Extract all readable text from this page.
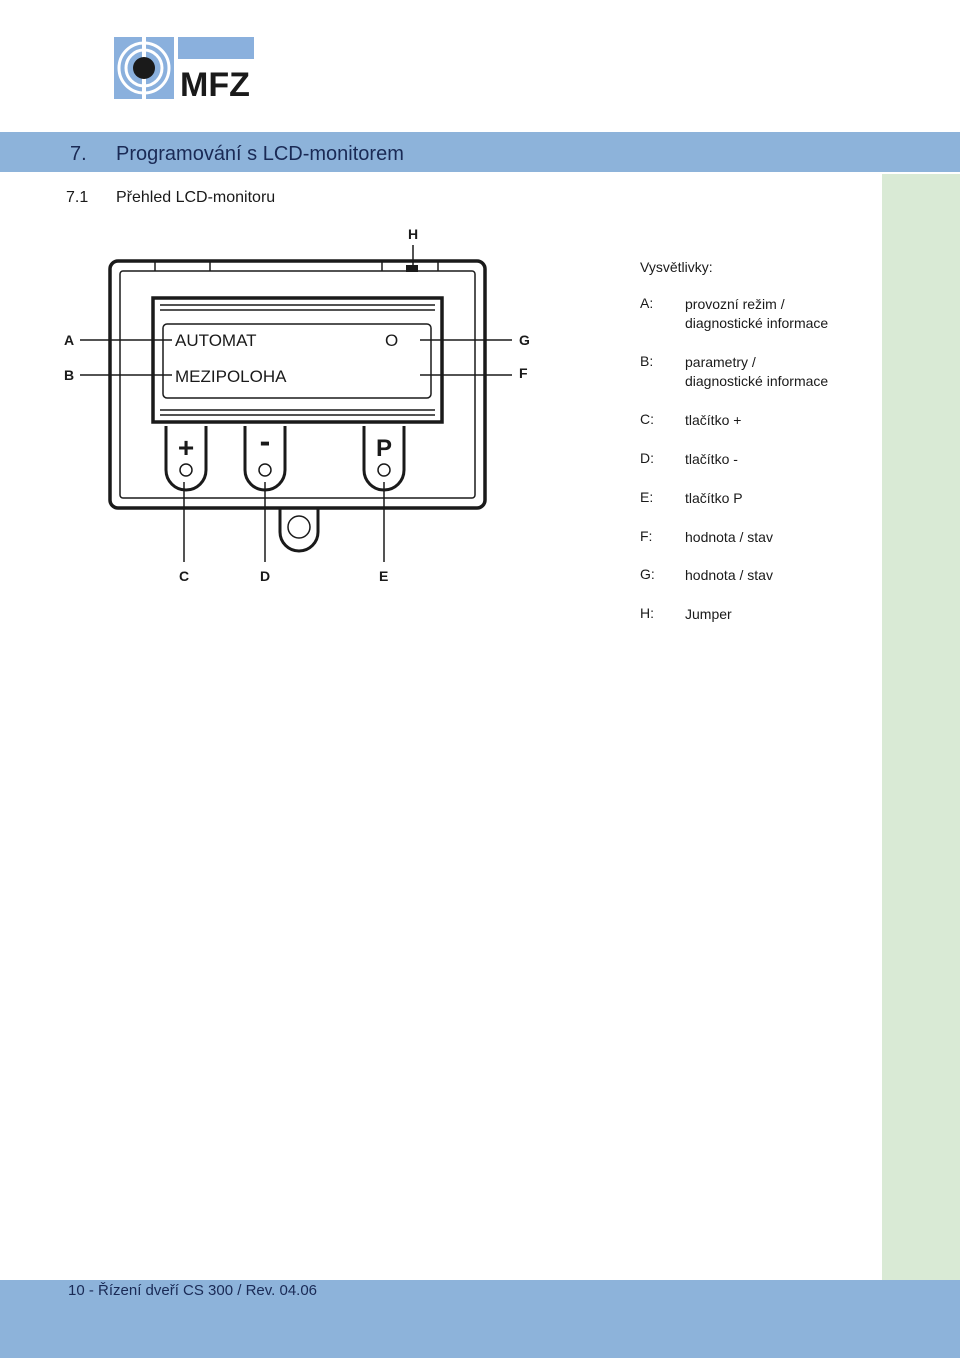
MFZ
7. Programování s LCD-monitorem
7.1 Přehled LCD-monitoru
+ -	P
AUTOMAT	O
MEZIPOLOHA
A
B
G
F
H
C	D	E
Vysvětlivky:
A: provozní režim /
diagnostické informace
B: parametry /
diagnostické informace
C: tlačítko +
D: tlačítko -
E: tlačítko P
F: hodnota / stav
G: hodnota / stav
H: Jumper
10 - Řízení dveří CS 300 / Rev. 04.06
